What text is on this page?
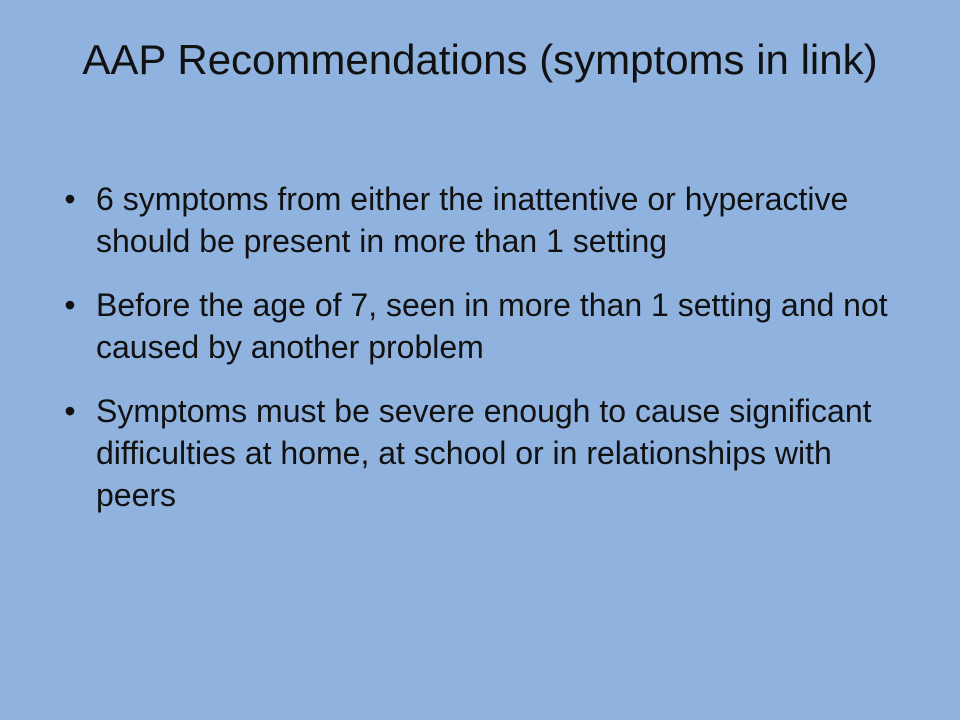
AAP Recommendations (symptoms in link)
• 6 symptoms from either the inattentive or hyperactive should be present in more than 1 setting
• Before the age of 7, seen in more than 1 setting and not caused by another problem
• Symptoms must be severe enough to cause significant difficulties at home, at school or in relationships with peers
